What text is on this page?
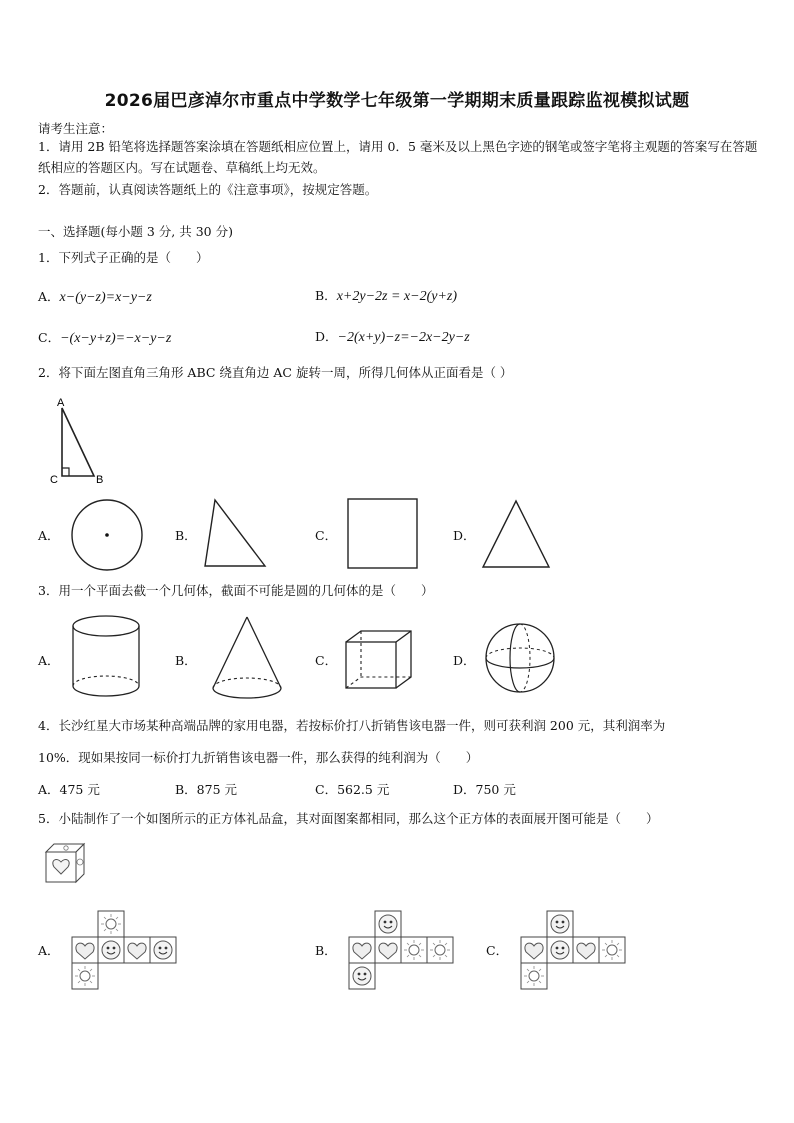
2026届巴彦淖尔市重点中学数学七年级第一学期期末质量跟踪监视模拟试题
请考生注意：
1．请用 2B 铅笔将选择题答案涂填在答题纸相应位置上，请用 0．5 毫米及以上黑色字迹的钢笔或签字笔将主观题的答案写在答题纸相应的答题区内。写在试题卷、草稿纸上均无效。
2．答题前，认真阅读答题纸上的《注意事项》，按规定答题。
一、选择题(每小题 3 分, 共 30 分)
1．下列式子正确的是（　　）
A．x−(y−z)=x−y−z	B．x+2y−2z = x−2(y+z)
C．−(x−y+z)=−x−y−z	D．−2(x+y)−z=−2x−2y−z
2．将下面左图直角三角形 ABC 绕直角边 AC 旋转一周，所得几何体从正面看是（ ）
A
C	B
A．	B．	C．	D．
3．用一个平面去截一个几何体，截面不可能是圆的几何体的是（　　）
A．	B．	C．	D．
4．长沙红星大市场某种高端品牌的家用电器，若按标价打八折销售该电器一件，则可获利润 200 元，其利润率为
10%．现如果按同一标价打九折销售该电器一件，那么获得的纯利润为（　　）
A．475 元	B．875 元	C．562.5 元	D．750 元
5．小陆制作了一个如图所示的正方体礼品盒，其对面图案都相同，那么这个正方体的表面展开图可能是（　　）
A．	B．	C．
